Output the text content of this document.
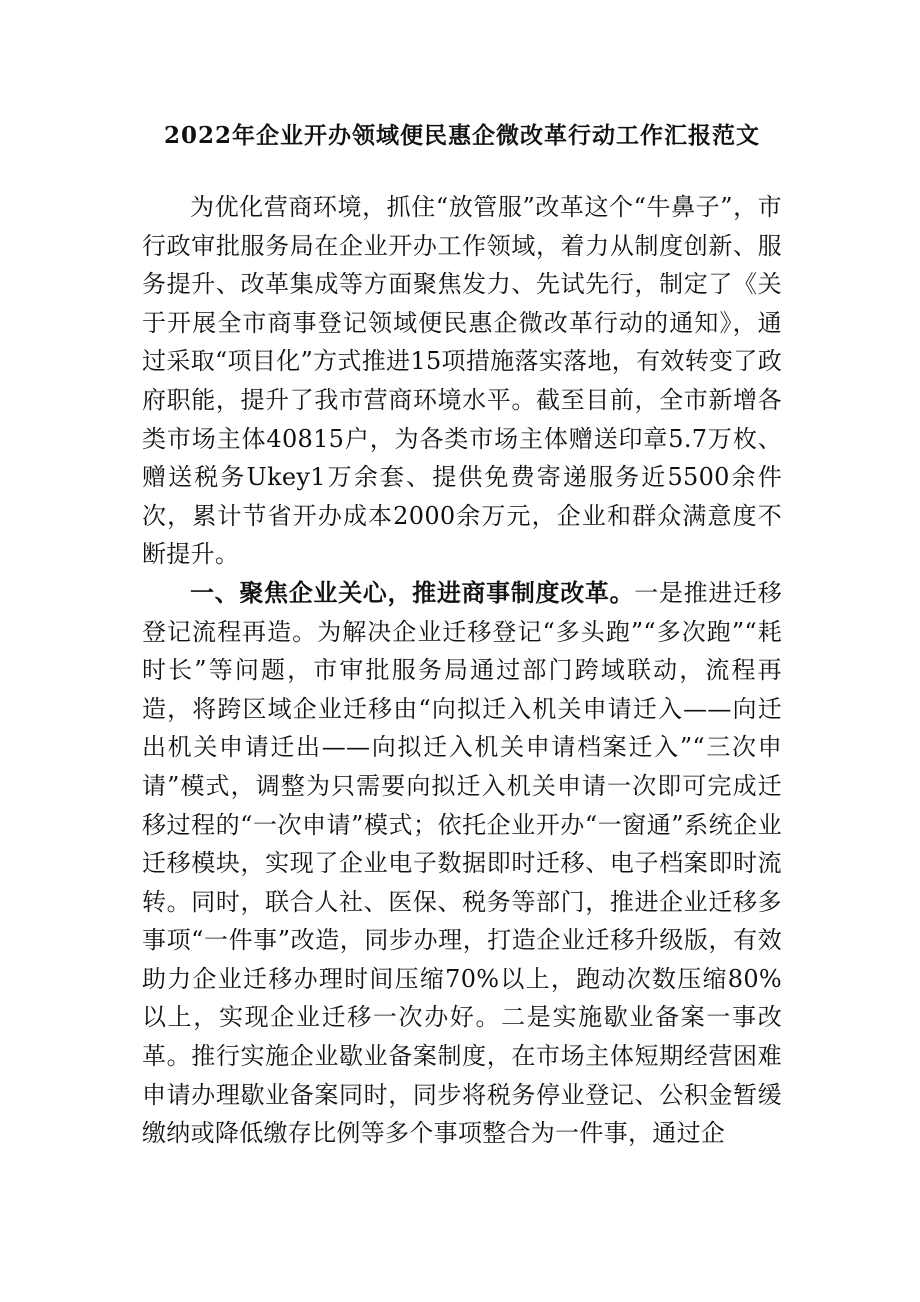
2022年企业开办领域便民惠企微改革行动工作汇报范文

为优化营商环境，抓住“放管服”改革这个“牛鼻子”，市行政审批服务局在企业开办工作领域，着力从制度创新、服务提升、改革集成等方面聚焦发力、先试先行，制定了《关于开展全市商事登记领域便民惠企微改革行动的通知》，通过采取“项目化”方式推进15项措施落实落地，有效转变了政府职能，提升了我市营商环境水平。截至目前，全市新增各类市场主体40815户，为各类市场主体赠送印章5.7万枚、赠送税务Ukey1万余套、提供免费寄递服务近5500余件次，累计节省开办成本2000余万元，企业和群众满意度不断提升。

一、聚焦企业关心，推进商事制度改革。一是推进迁移登记流程再造。为解决企业迁移登记“多头跑”“多次跑”“耗时长”等问题，市审批服务局通过部门跨域联动，流程再造，将跨区域企业迁移由“向拟迁入机关申请迁入——向迁出机关申请迁出——向拟迁入机关申请档案迁入”“三次申请”模式，调整为只需要向拟迁入机关申请一次即可完成迁移过程的“一次申请”模式；依托企业开办“一窗通”系统企业迁移模块，实现了企业电子数据即时迁移、电子档案即时流转。同时，联合人社、医保、税务等部门，推进企业迁移多事项“一件事”改造，同步办理，打造企业迁移升级版，有效助力企业迁移办理时间压缩70%以上，跑动次数压缩80%以上，实现企业迁移一次办好。二是实施歇业备案一事改革。推行实施企业歇业备案制度，在市场主体短期经营困难申请办理歇业备案同时，同步将税务停业登记、公积金暂缓缴纳或降低缴存比例等多个事项整合为一件事，通过企
